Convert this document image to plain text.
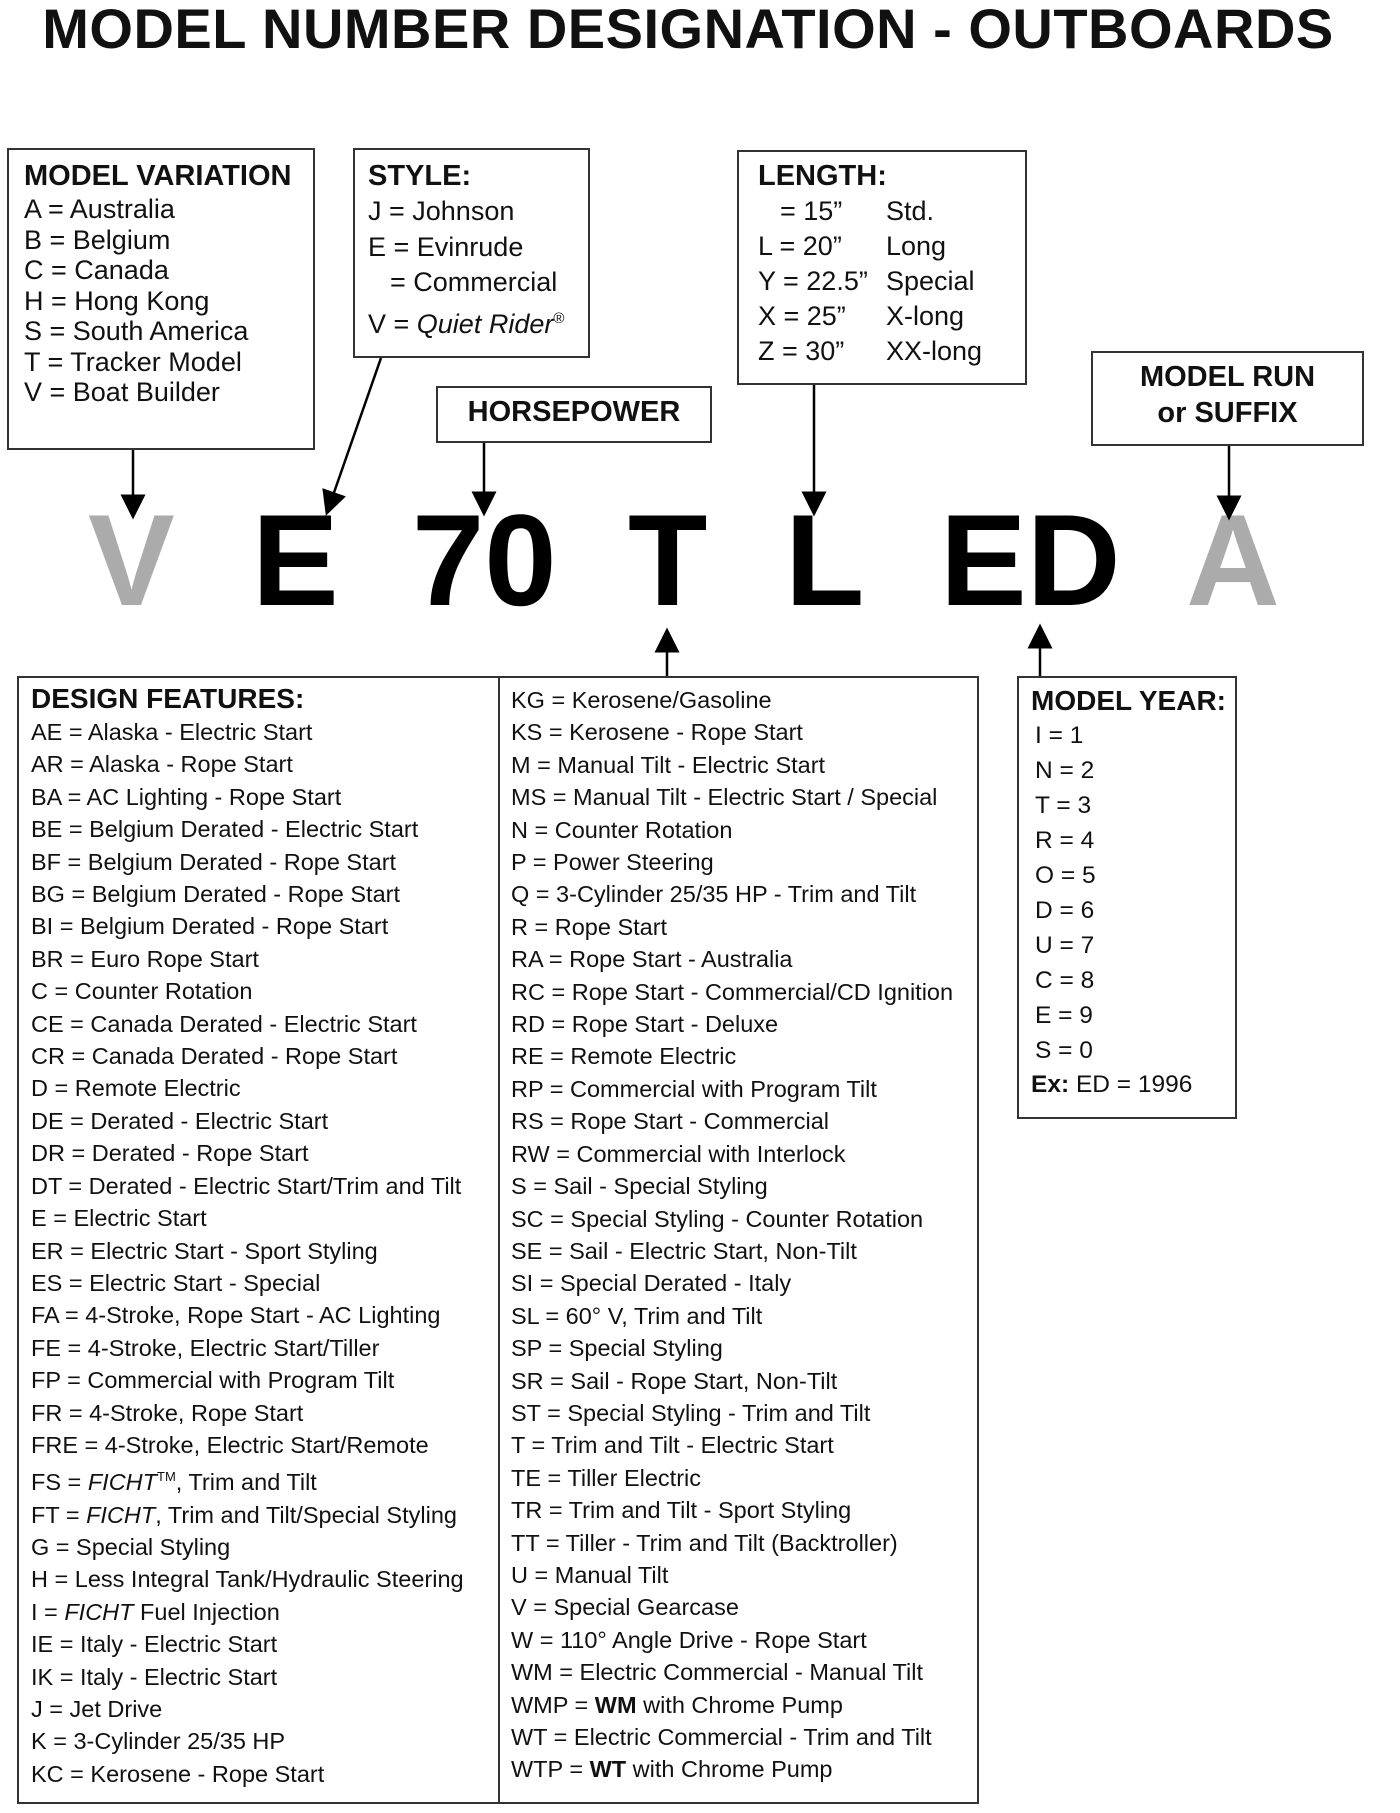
MODEL NUMBER DESIGNATION - OUTBOARDS
MODEL VARIATION
A = Australia
B = Belgium
C = Canada
H = Hong Kong
S = South America
T = Tracker Model
V = Boat Builder
STYLE:
J = Johnson
E = Evinrude
= Commercial
V = Quiet Rider®
HORSEPOWER
LENGTH:
= 15”	Std.
L = 20”	Long
Y = 22.5” Special
X = 25”	X-long
Z = 30”	XX-long
MODEL RUN
or SUFFIX
V E 70 T L ED A
DESIGN FEATURES:
AE = Alaska - Electric Start
AR = Alaska - Rope Start
BA = AC Lighting - Rope Start
BE = Belgium Derated - Electric Start
BF = Belgium Derated - Rope Start
BG = Belgium Derated - Rope Start
BI = Belgium Derated - Rope Start
BR = Euro Rope Start
C = Counter Rotation
CE = Canada Derated - Electric Start
CR = Canada Derated - Rope Start
D = Remote Electric
DE = Derated - Electric Start
DR = Derated - Rope Start
DT = Derated - Electric Start/Trim and Tilt
E = Electric Start
ER = Electric Start - Sport Styling
ES = Electric Start - Special
FA = 4-Stroke, Rope Start - AC Lighting
FE = 4-Stroke, Electric Start/Tiller
FP = Commercial with Program Tilt
FR = 4-Stroke, Rope Start
FRE = 4-Stroke, Electric Start/Remote
FS = FICHT™, Trim and Tilt
FT = FICHT, Trim and Tilt/Special Styling
G = Special Styling
H = Less Integral Tank/Hydraulic Steering
I = FICHT Fuel Injection
IE = Italy - Electric Start
IK = Italy - Electric Start
J = Jet Drive
K = 3-Cylinder 25/35 HP
KC = Kerosene - Rope Start
KG = Kerosene/Gasoline
KS = Kerosene - Rope Start
M = Manual Tilt - Electric Start
MS = Manual Tilt - Electric Start / Special
N = Counter Rotation
P = Power Steering
Q = 3-Cylinder 25/35 HP - Trim and Tilt
R = Rope Start
RA = Rope Start - Australia
RC = Rope Start - Commercial/CD Ignition
RD = Rope Start - Deluxe
RE = Remote Electric
RP = Commercial with Program Tilt
RS = Rope Start - Commercial
RW = Commercial with Interlock
S = Sail - Special Styling
SC = Special Styling - Counter Rotation
SE = Sail - Electric Start, Non-Tilt
SI = Special Derated - Italy
SL = 60° V, Trim and Tilt
SP = Special Styling
SR = Sail - Rope Start, Non-Tilt
ST = Special Styling - Trim and Tilt
T = Trim and Tilt - Electric Start
TE = Tiller Electric
TR = Trim and Tilt - Sport Styling
TT = Tiller - Trim and Tilt (Backtroller)
U = Manual Tilt
V = Special Gearcase
W = 110° Angle Drive - Rope Start
WM = Electric Commercial - Manual Tilt
WMP = WM with Chrome Pump
WT = Electric Commercial - Trim and Tilt
WTP = WT with Chrome Pump
MODEL YEAR:
I = 1
N = 2
T = 3
R = 4
O = 5
D = 6
U = 7
C = 8
E = 9
S = 0
Ex: ED = 1996
